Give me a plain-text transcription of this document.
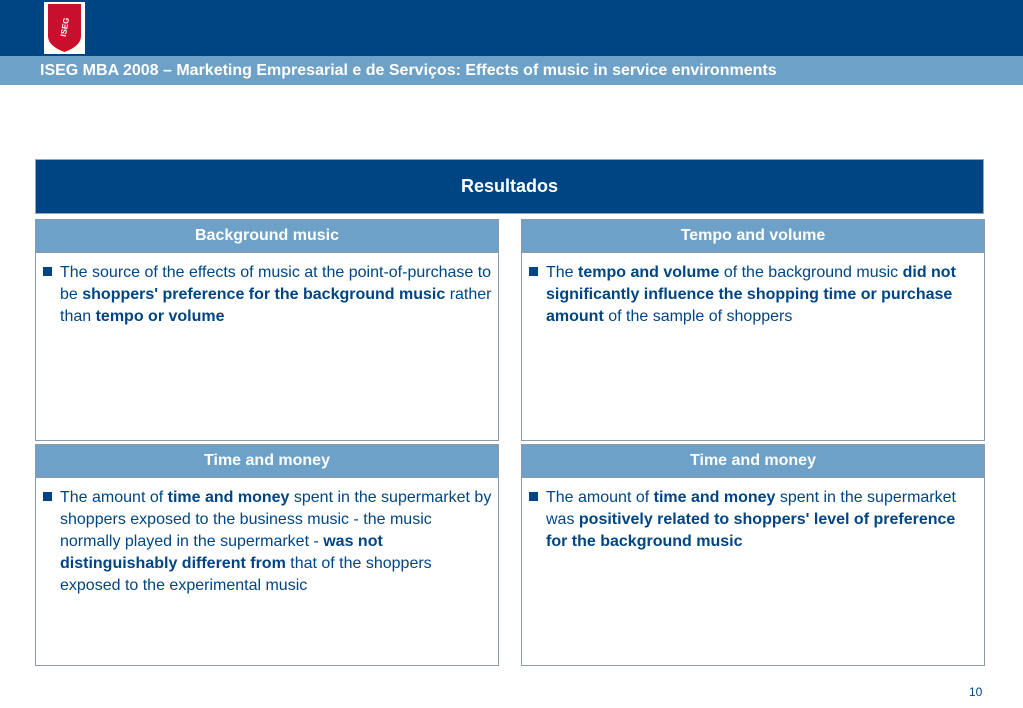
ISEG
ISEG MBA 2008 – Marketing Empresarial e de Serviços: Effects of music in service environments
Resultados
Background music
The source of the effects of music at the point-of-purchase to be shoppers' preference for the background music rather than tempo or volume
Tempo and volume
The tempo and volume of the background music did not significantly influence the shopping time or purchase amount of the sample of shoppers
Time and money
The amount of time and money spent in the supermarket by shoppers exposed to the business music - the music normally played in the supermarket - was not distinguishably different from that of the shoppers exposed to the experimental music
Time and money
The amount of time and money spent in the supermarket was positively related to shoppers' level of preference for the background music
10
